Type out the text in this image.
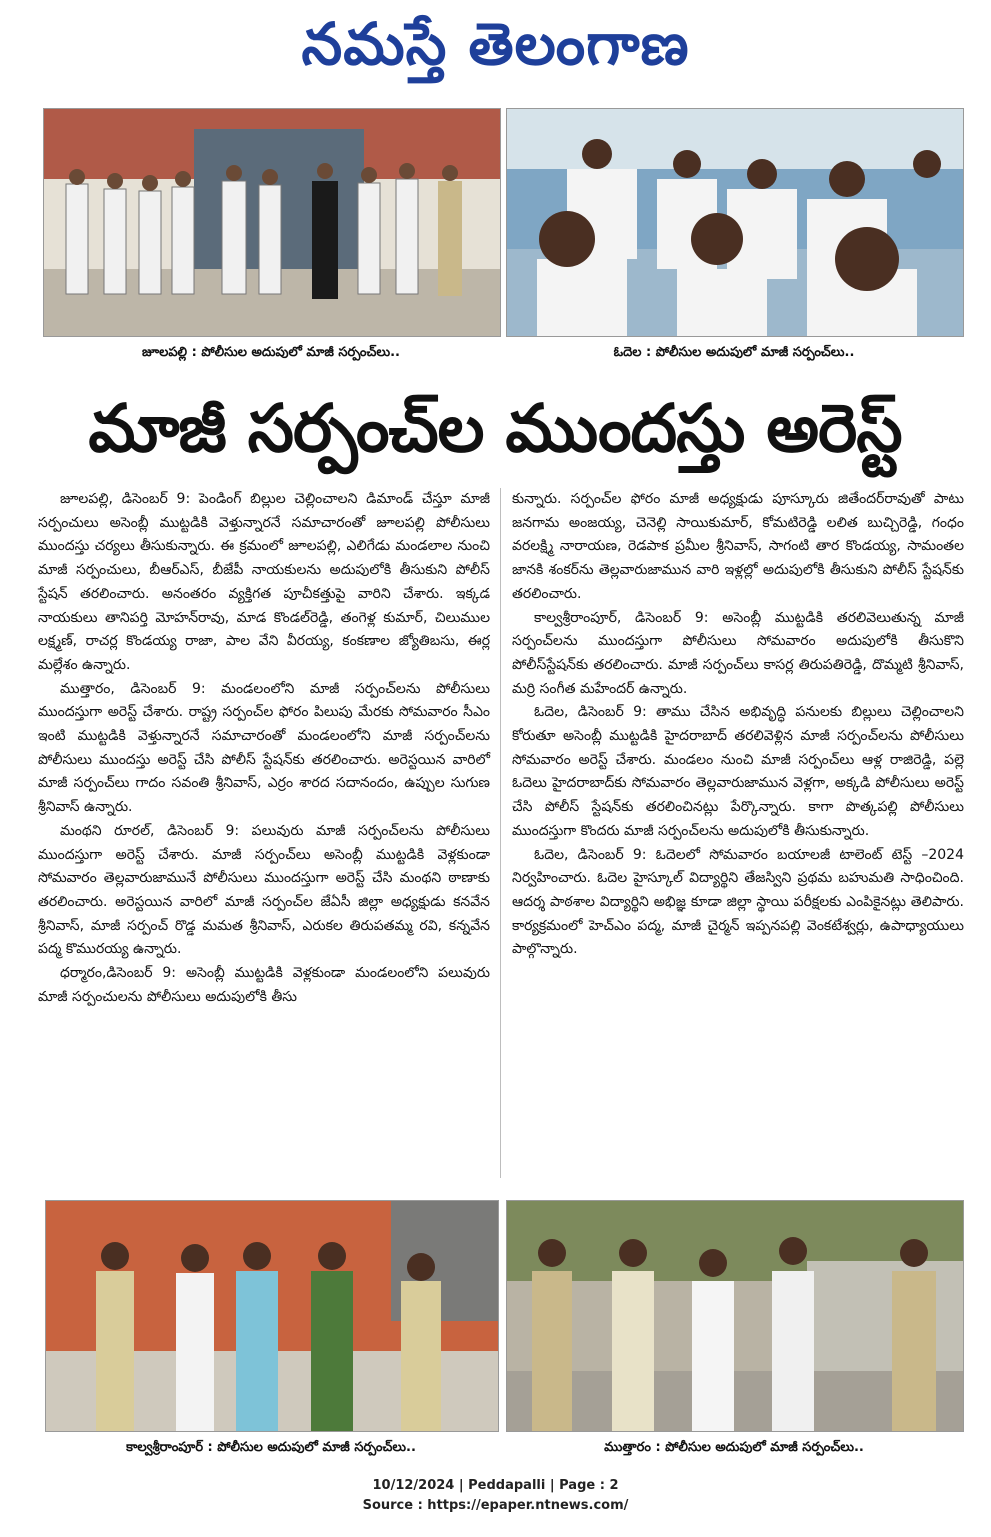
నమస్తే తెలంగాణ
జూలపల్లి : పోలీసుల అదుపులో మాజీ సర్పంచ్‌లు..	ఓదెల : పోలీసుల అదుపులో మాజీ సర్పంచ్‌లు..
మాజీ సర్పంచ్‌ల ముందస్తు అరెస్ట్

జూలపల్లి, డిసెంబర్ 9: పెండింగ్ బిల్లుల చెల్లించాలని డిమాండ్ చేస్తూ మాజీ సర్పంచులు అసెంబ్లీ ముట్టడికి వెళ్తున్నారనే సమాచారంతో జూలపల్లి పోలీసులు ముందస్తు చర్యలు తీసుకున్నారు. ఈ క్రమంలో జూలపల్లి, ఎలిగేడు మండలాల నుంచి మాజీ సర్పంచులు, బీఆర్ఎస్, బీజేపీ నాయకులను అదుపులోకి తీసుకుని పోలీస్ స్టేషన్ తరలించారు. అనంతరం వ్యక్తిగత పూచీకత్తుపై వారిని చేశారు. ఇక్కడ నాయకులు తానిపర్తి మోహన్‌రావు, మాడ కొండల్‌రెడ్డి, తంగెళ్ల కుమార్, చిలుముల లక్ష్మణ్, రాచర్ల కొండయ్య రాజా, పాల వేని వీరయ్య, కంకణాల జ్యోతిబసు, ఈర్ల మల్లేశం ఉన్నారు.

ముత్తారం, డిసెంబర్ 9: మండలంలోని మాజీ సర్పంచ్‌లను పోలీసులు ముందస్తుగా అరెస్ట్ చేశారు. రాష్ట్ర సర్పంచ్‌ల ఫోరం పిలుపు మేరకు సోమవారం సీఎం ఇంటి ముట్టడికి వెళ్తున్నారనే సమాచారంతో మండలంలోని మాజీ సర్పంచ్‌లను పోలీసులు ముందస్తు అరెస్ట్ చేసి పోలీస్ స్టేషన్‌కు తరలించారు. అరెస్టయిన వారిలో మాజీ సర్పంచ్‌లు గాదం సవంతి శ్రీనివాస్, ఎర్రం శారద సదానందం, ఉప్పుల సుగుణ శ్రీనివాస్ ఉన్నారు.

మంథని రూరల్, డిసెంబర్ 9: పలువురు మాజీ సర్పంచ్‌లను పోలీసులు ముందస్తుగా అరెస్ట్ చేశారు. మాజీ సర్పంచ్‌లు అసెంబ్లీ ముట్టడికి వెళ్లకుండా సోమవారం తెల్లవారుజామునే పోలీసులు ముందస్తుగా అరెస్ట్ చేసి మంథని ఠాణాకు తరలించారు. అరెస్టయిన వారిలో మాజీ సర్పంచ్‌ల జేఏసీ జిల్లా అధ్యక్షుడు కనవేన శ్రీనివాస్, మాజీ సర్పంచ్ రొడ్డ మమత శ్రీనివాస్, ఎరుకల తిరుపతమ్మ రవి, కన్నవేన పద్మ కొమురయ్య ఉన్నారు.

ధర్మారం,డిసెంబర్ 9: అసెంబ్లీ ముట్టడికి వెళ్లకుండా మండలంలోని పలువురు మాజీ సర్పంచులను పోలీసులు అదుపులోకి తీసు

కున్నారు. సర్పంచ్‌ల ఫోరం మాజీ అధ్యక్షుడు పూస్కూరు జితేందర్‌రావుతో పాటు జనగామ అంజయ్య, చెనెల్లి సాయికుమార్, కోమటిరెడ్డి లలిత బుచ్చిరెడ్డి, గంధం వరలక్ష్మి నారాయణ, రెడపాక ప్రమీల శ్రీనివాస్, సాగంటి తార కొండయ్య, సామంతల జానకి శంకర్‌ను తెల్లవారుజామున వారి ఇళ్లల్లో అదుపులోకి తీసుకుని పోలీస్ స్టేషన్‌కు తరలించారు.

కాల్వశ్రీరాంపూర్, డిసెంబర్ 9: అసెంబ్లీ ముట్టడికి తరలివెలుతున్న మాజీ సర్పంచ్‌లను ముందస్తుగా పోలీసులు సోమవారం అదుపులోకి తీసుకొని పోలీస్‌స్టేషన్‌కు తరలించారు. మాజీ సర్పంచ్‌లు కాసర్ల తిరుపతిరెడ్డి, దొమ్మటి శ్రీనివాస్, మర్రి సంగీత మహేందర్ ఉన్నారు.

ఓదెల, డిసెంబర్ 9: తాము చేసిన అభివృద్ధి పనులకు బిల్లులు చెల్లించాలని కోరుతూ అసెంబ్లీ ముట్టడికి హైదరాబాద్ తరలివెళ్లిన మాజీ సర్పంచ్‌లను పోలీసులు సోమవారం అరెస్ట్ చేశారు. మండలం నుంచి మాజీ సర్పంచ్‌లు ఆళ్ల రాజిరెడ్డి, పల్లె ఓదెలు హైదరాబాద్‌కు సోమవారం తెల్లవారుజామున వెళ్లగా, అక్కడి పోలీసులు అరెస్ట్ చేసి పోలీస్ స్టేషన్‌కు తరలించినట్లు పేర్కొన్నారు. కాగా పొత్కపల్లి పోలీసులు ముందస్తుగా కొందరు మాజీ సర్పంచ్‌లను అదుపులోకి తీసుకున్నారు.

ఓదెల, డిసెంబర్ 9: ఓదెలలో సోమవారం బయాలజీ టాలెంట్ టెస్ట్ –2024 నిర్వహించారు. ఓదెల హైస్కూల్ విద్యార్థిని తేజస్విని ప్రథమ బహుమతి సాధించింది. ఆదర్శ పాఠశాల విద్యార్థిని అభిజ్ఞ కూడా జిల్లా స్థాయి పరీక్షలకు ఎంపికైనట్లు తెలిపారు. కార్యక్రమంలో హెచ్ఎం పద్మ, మాజీ చైర్మన్ ఇప్పనపల్లి వెంకటేశ్వర్లు, ఉపాధ్యాయులు పాల్గొన్నారు.

కాల్వశ్రీరాంపూర్ : పోలీసుల అదుపులో మాజీ సర్పంచ్‌లు..	ముత్తారం : పోలీసుల అదుపులో మాజీ సర్పంచ్‌లు..
10/12/2024 | Peddapalli | Page : 2
Source : https://epaper.ntnews.com/
